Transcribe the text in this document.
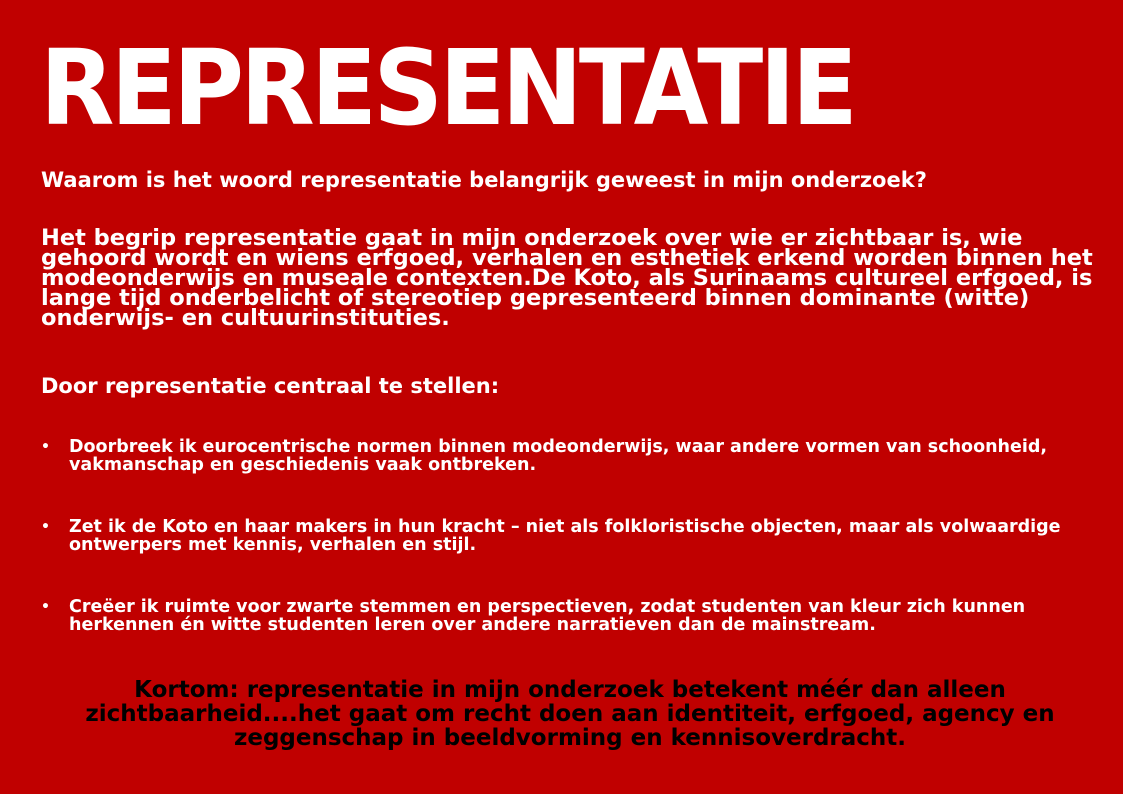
REPRESENTATIE

Waarom is het woord representatie belangrijk geweest in mijn onderzoek?

Het begrip representatie gaat in mijn onderzoek over wie er zichtbaar is, wie gehoord wordt en wiens erfgoed, verhalen en esthetiek erkend worden binnen het modeonderwijs en museale contexten.De Koto, als Surinaams cultureel erfgoed, is lange tijd onderbelicht of stereotiep gepresenteerd binnen dominante (witte) onderwijs- en cultuurinstituties.

Door representatie centraal te stellen:

• Doorbreek ik eurocentrische normen binnen modeonderwijs, waar andere vormen van schoonheid, vakmanschap en geschiedenis vaak ontbreken.
• Zet ik de Koto en haar makers in hun kracht – niet als folkloristische objecten, maar als volwaardige ontwerpers met kennis, verhalen en stijl.
• Creëer ik ruimte voor zwarte stemmen en perspectieven, zodat studenten van kleur zich kunnen herkennen én witte studenten leren over andere narratieven dan de mainstream.

Kortom: representatie in mijn onderzoek betekent méér dan alleen zichtbaarheid....het gaat om recht doen aan identiteit, erfgoed, agency en zeggenschap in beeldvorming en kennisoverdracht.
